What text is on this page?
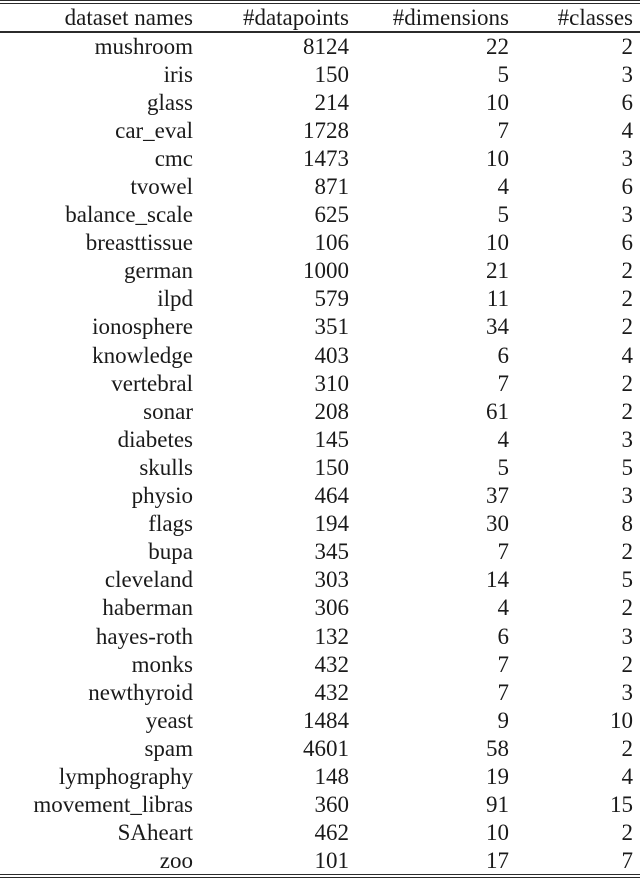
dataset names	#datapoints	#dimensions	#classes
mushroom	8124	22	2
iris	150	5	3
glass	214	10	6
car_eval	1728	7	4
cmc	1473	10	3
tvowel	871	4	6
balance_scale	625	5	3
breasttissue	106	10	6
german	1000	21	2
ilpd	579	11	2
ionosphere	351	34	2
knowledge	403	6	4
vertebral	310	7	2
sonar	208	61	2
diabetes	145	4	3
skulls	150	5	5
physio	464	37	3
flags	194	30	8
bupa	345	7	2
cleveland	303	14	5
haberman	306	4	2
hayes-roth	132	6	3
monks	432	7	2
newthyroid	432	7	3
yeast	1484	9	10
spam	4601	58	2
lymphography	148	19	4
movement_libras	360	91	15
SAheart	462	10	2
zoo	101	17	7
